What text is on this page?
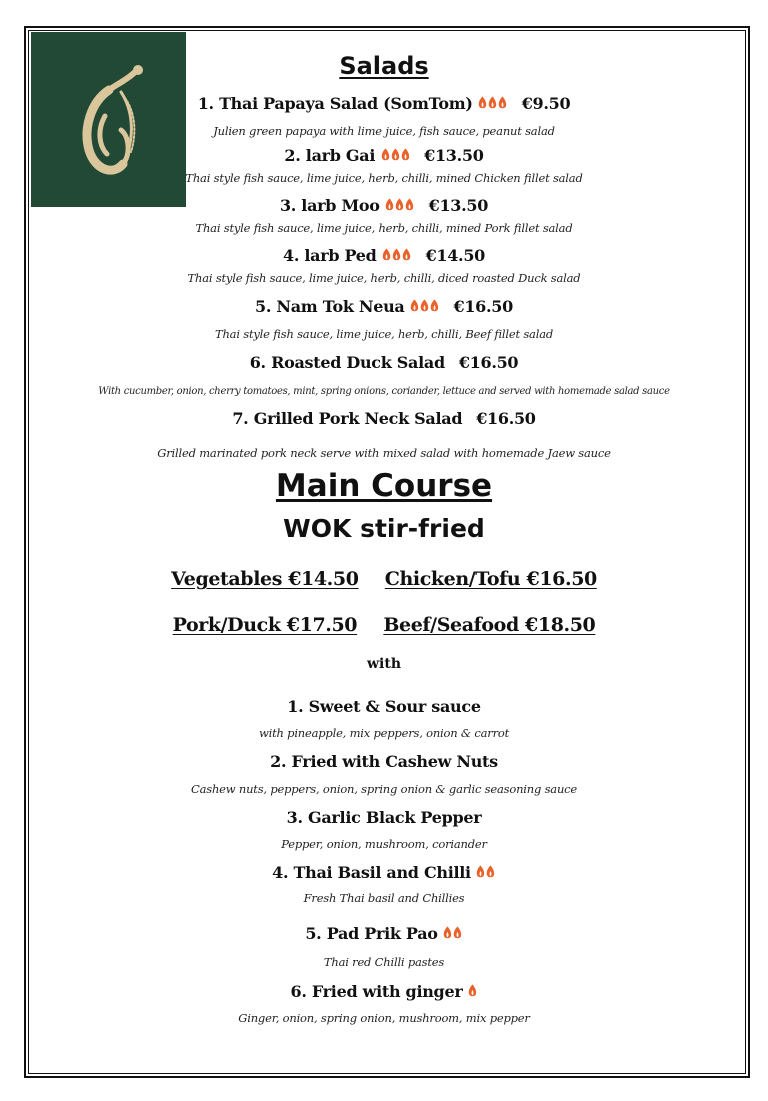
Salads
1. Thai Papaya Salad (SomTom)	€9.50
Julien green papaya with lime juice, fish sauce, peanut salad
2. larb Gai	€13.50
Thai style fish sauce, lime juice, herb, chilli, mined Chicken fillet salad
3. larb Moo	€13.50
Thai style fish sauce, lime juice, herb, chilli, mined Pork fillet salad
4. larb Ped	€14.50
Thai style fish sauce, lime juice, herb, chilli, diced roasted Duck salad
5. Nam Tok Neua	€16.50
Thai style fish sauce, lime juice, herb, chilli, Beef fillet salad
6. Roasted Duck Salad €16.50
With cucumber, onion, cherry tomatoes, mint, spring onions, coriander, lettuce and served with homemade salad sauce
7. Grilled Pork Neck Salad €16.50
Grilled marinated pork neck serve with mixed salad with homemade Jaew sauce
Main Course
WOK stir-fried
Vegetables €14.50 Chicken/Tofu €16.50
Pork/Duck €17.50 Beef/Seafood €18.50
with
1. Sweet & Sour sauce
with pineapple, mix peppers, onion & carrot
2. Fried with Cashew Nuts
Cashew nuts, peppers, onion, spring onion & garlic seasoning sauce
3. Garlic Black Pepper
Pepper, onion, mushroom, coriander
4. Thai Basil and Chilli
Fresh Thai basil and Chillies
5. Pad Prik Pao
Thai red Chilli pastes
6. Fried with ginger
Ginger, onion, spring onion, mushroom, mix pepper
